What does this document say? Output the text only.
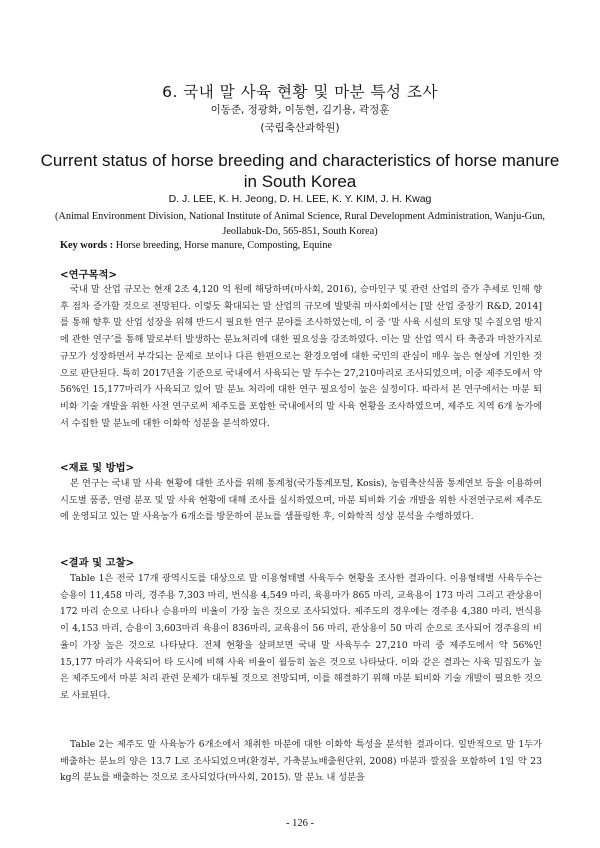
6. 국내 말 사육 현황 및 마분 특성 조사
이동준, 정광화, 이동현, 김기용, 곽정훈
(국립축산과학원)
Current status of horse breeding and characteristics of horse manure in South Korea
D. J. LEE, K. H. Jeong, D. H. LEE, K. Y. KIM, J. H. Kwag
(Animal Environment Division, National Institute of Animal Science, Rural Development Administration, Wanju-Gun, Jeollabuk-Do, 565-851, South Korea)
Key words : Horse breeding, Horse manure, Composting, Equine
<연구목적>
국내 말 산업 규모는 현재 2조 4,120 억 원에 해당하며(마사회, 2016), 승마인구 및 관련 산업의 증가 추세로 인해 향후 점차 증가할 것으로 전망된다. 이렇듯 확대되는 말 산업의 규모에 발맞춰 마사회에서는 [말 산업 중장기 R&D, 2014]를 통해 향후 말 산업 성장을 위해 반드시 필요한 연구 분야를 조사하였는데, 이 중 ‘말 사육 시설의 토양 및 수질오염 방지에 관한 연구’를 통해 말로부터 발생하는 분뇨처리에 대한 필요성을 강조하였다. 이는 말 산업 역시 타 축종과 마찬가지로 규모가 성장하면서 부각되는 문제로 보이나 다른 한편으로는 환경오염에 대한 국민의 관심이 매우 높은 현상에 기인한 것으로 판단된다. 특히 2017년을 기준으로 국내에서 사육되는 말 두수는 27,210마리로 조사되었으며, 이중 제주도에서 약 56%인 15,177마리가 사육되고 있어 말 분뇨 처리에 대한 연구 필요성이 높은 실정이다. 따라서 본 연구에서는 마분 퇴비화 기술 개발을 위한 사전 연구로써 제주도를 포함한 국내에서의 말 사육 현황을 조사하였으며, 제주도 지역 6개 농가에서 수집한 말 분뇨에 대한 이화학 성분을 분석하였다.
<재료 및 방법>
본 연구는 국내 말 사육 현황에 대한 조사를 위해 통계청(국가통계포털, Kosis), 농림축산식품 통계연보 등을 이용하여 시도별 품종, 연령 분포 및 말 사육 현황에 대해 조사를 실시하였으며, 마분 퇴비화 기술 개발을 위한 사전연구로써 제주도에 운영되고 있는 말 사육농가 6개소를 방문하여 분뇨를 샘플링한 후, 이화학적 성상 분석을 수행하였다.
<결과 및 고찰>
Table 1은 전국 17개 광역시도를 대상으로 말 이용형태별 사육두수 현황을 조사한 결과이다. 이용형태별 사육두수는 승용이 11,458 마리, 경주용 7,303 마리, 번식용 4,549 마리, 육용마가 865 마리, 교육용이 173 마리 그리고 관상용이 172 마리 순으로 나타나 승용마의 비율이 가장 높은 것으로 조사되었다. 제주도의 경우에는 경주용 4,380 마리, 번식용이 4,153 마리, 승용이 3,603마리 육용이 836마리, 교육용이 56 마리, 관상용이 50 마리 순으로 조사되어 경주용의 비율이 가장 높은 것으로 나타났다. 전체 현황을 살펴보면 국내 말 사육두수 27,210 마리 중 제주도에서 약 56%인 15,177 마리가 사육되어 타 도시에 비해 사육 비율이 월등히 높은 것으로 나타났다. 이와 같은 결과는 사육 밀집도가 높은 제주도에서 마분 처리 관련 문제가 대두될 것으로 전망되며, 이를 해결하기 위해 마분 퇴비화 기술 개발이 필요한 것으로 사료된다.
Table 2는 제주도 말 사육농가 6개소에서 채취한 마분에 대한 이화학 특성을 분석한 결과이다. 일반적으로 말 1두가 배출하는 분뇨의 양은 13.7 L로 조사되었으며(환경부, 가축분뇨배출원단위, 2008) 마분과 깔짚을 포함하여 1일 약 23 kg의 분뇨를 배출하는 것으로 조사되었다(마사회, 2015). 말 분뇨 내 성분을
- 126 -
